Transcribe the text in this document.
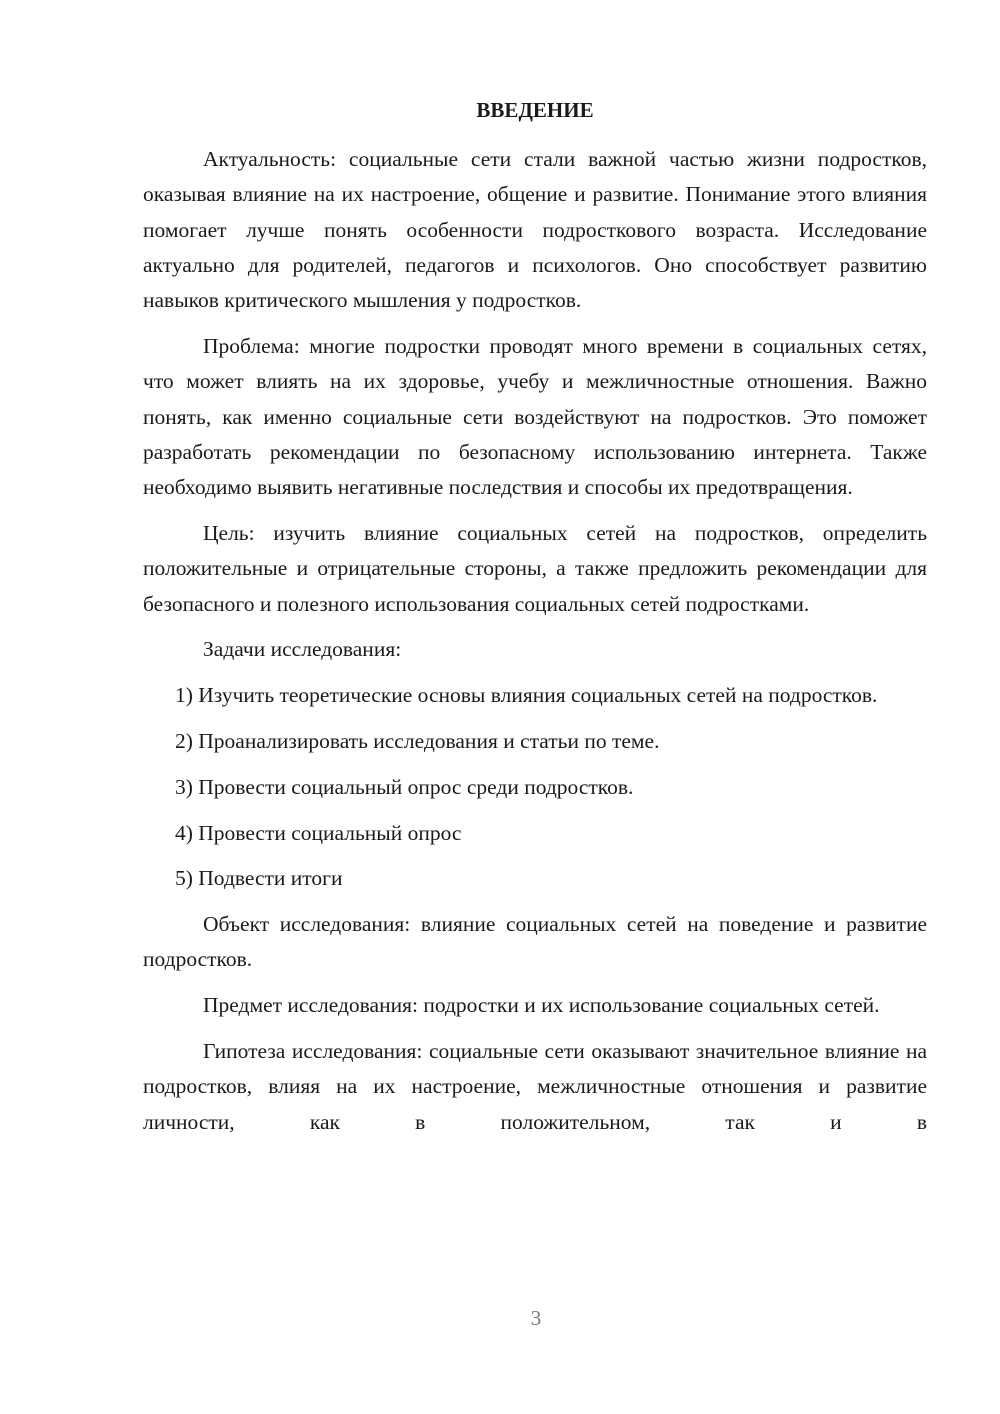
ВВЕДЕНИЕ

Актуальность: социальные сети стали важной частью жизни подростков, оказывая влияние на их настроение, общение и развитие. Понимание этого влияния помогает лучше понять особенности подросткового возраста. Исследование актуально для родителей, педагогов и психологов. Оно способствует развитию навыков критического мышления у подростков.

Проблема: многие подростки проводят много времени в социальных сетях, что может влиять на их здоровье, учебу и межличностные отношения. Важно понять, как именно социальные сети воздействуют на подростков. Это поможет разработать рекомендации по безопасному использованию интернета. Также необходимо выявить негативные последствия и способы их предотвращения.

Цель: изучить влияние социальных сетей на подростков, определить положительные и отрицательные стороны, а также предложить рекомендации для безопасного и полезного использования социальных сетей подростками.

Задачи исследования:

1) Изучить теоретические основы влияния социальных сетей на подростков.

2) Проанализировать исследования и статьи по теме.

3) Провести социальный опрос среди подростков.

4) Провести социальный опрос

5) Подвести итоги

Объект исследования: влияние социальных сетей на поведение и развитие подростков.

Предмет исследования: подростки и их использование социальных сетей.

Гипотеза исследования: социальные сети оказывают значительное влияние на подростков, влияя на их настроение, межличностные отношения и развитие личности, как в положительном, так и в

3
